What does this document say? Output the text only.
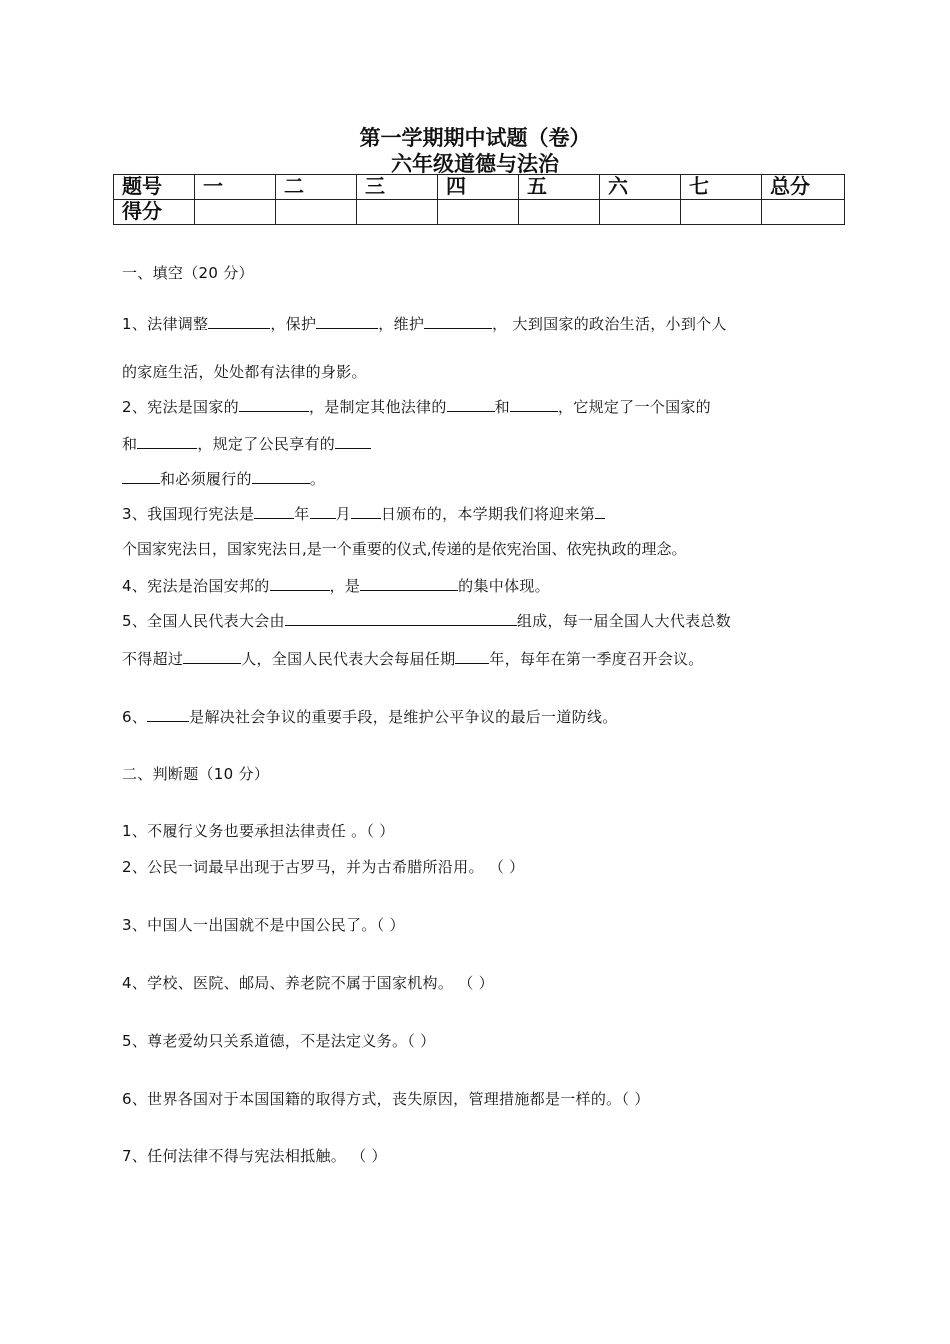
第一学期期中试题（卷）
六年级道德与法治
题号	一	二	三	四	五	六	七	总分
得分								
一、填空（20 分）
1、法律调整	，保护	，维护	， 大到国家的政治生活，小到个人
的家庭生活，处处都有法律的身影。
2、宪法是国家的	，是制定其他法律的	和	，它规定了一个国家的
和	，规定了公民享有的
和必须履行的	。
3、我国现行宪法是	年 月 日颁布的，本学期我们将迎来第
个国家宪法日，国家宪法日,是一个重要的仪式,传递的是依宪治国、依宪执政的理念。
4、宪法是治国安邦的	，是	的集中体现。
5、全国人民代表大会由	组成，每一届全国人大代表总数
不得超过	人，全国人民代表大会每届任期 年，每年在第一季度召开会议。
6、	是解决社会争议的重要手段，是维护公平争议的最后一道防线。
二、判断题（10 分）
1、不履行义务也要承担法律责任 。（ ）
2、公民一词最早出现于古罗马，并为古希腊所沿用。 （ ）
3、中国人一出国就不是中国公民了。（ ）
4、学校、医院、邮局、养老院不属于国家机构。 （ ）
5、尊老爱幼只关系道德，不是法定义务。（ ）
6、世界各国对于本国国籍的取得方式，丧失原因，管理措施都是一样的。（ ）
7、任何法律不得与宪法相抵触。 （ ）
